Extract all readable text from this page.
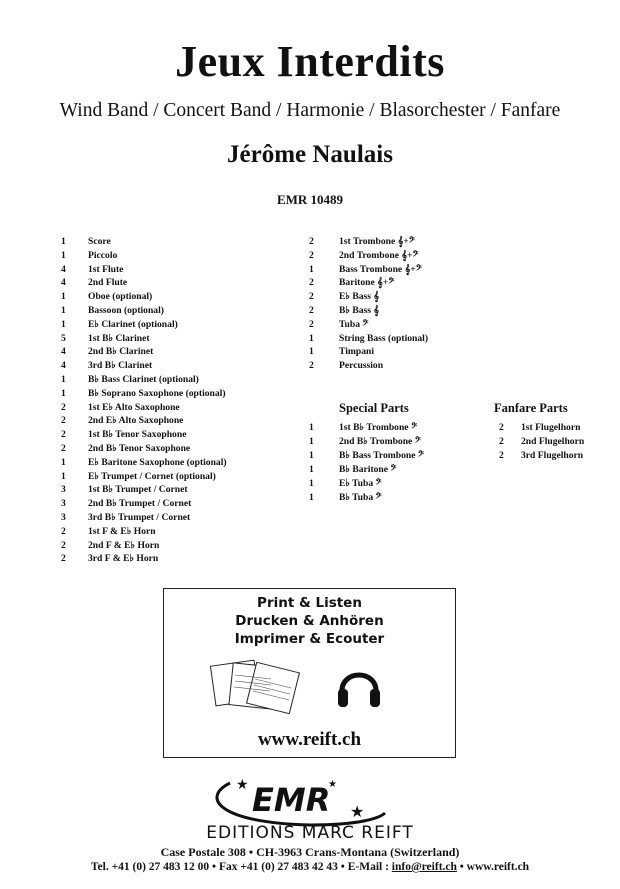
Jeux Interdits
Wind Band / Concert Band / Harmonie / Blasorchester / Fanfare
Jérôme Naulais
EMR 10489
1 Score
1 Piccolo
4 1st Flute
4 2nd Flute
1 Oboe (optional)
1 Bassoon (optional)
1 E♭ Clarinet (optional)
5 1st B♭ Clarinet
4 2nd B♭ Clarinet
4 3rd B♭ Clarinet
1 B♭ Bass Clarinet (optional)
1 B♭ Soprano Saxophone (optional)
2 1st E♭ Alto Saxophone
2 2nd E♭ Alto Saxophone
2 1st B♭ Tenor Saxophone
2 2nd B♭ Tenor Saxophone
1 E♭ Baritone Saxophone (optional)
1 E♭ Trumpet / Cornet (optional)
3 1st B♭ Trumpet / Cornet
3 2nd B♭ Trumpet / Cornet
3 3rd B♭ Trumpet / Cornet
2 1st F & E♭ Horn
2 2nd F & E♭ Horn
2 3rd F & E♭ Horn
2	1st Trombone 𝄞+𝄢
2	2nd Trombone 𝄞+𝄢
1	Bass Trombone 𝄞+𝄢
2	Baritone 𝄞+𝄢
2	E♭ Bass 𝄞
2	B♭ Bass 𝄞
2	Tuba 𝄢
1	String Bass (optional)
1	Timpani
2	Percussion
Special Parts	Fanfare Parts
1	1st B♭ Trombone 𝄢
1	2nd B♭ Trombone 𝄢
1	B♭ Bass Trombone 𝄢
1	B♭ Baritone 𝄢
1	E♭ Tuba 𝄢
1	B♭ Tuba 𝄢
2 1st Flugelhorn
2 2nd Flugelhorn
2 3rd Flugelhorn
Print & Listen
Drucken & Anhören
Imprimer & Ecouter
www.reift.ch
EMR
★	★
★
EDITIONS MARC REIFT
Case Postale 308 • CH-3963 Crans-Montana (Switzerland)
Tel. +41 (0) 27 483 12 00 • Fax +41 (0) 27 483 42 43 • E-Mail : info@reift.ch • www.reift.ch
